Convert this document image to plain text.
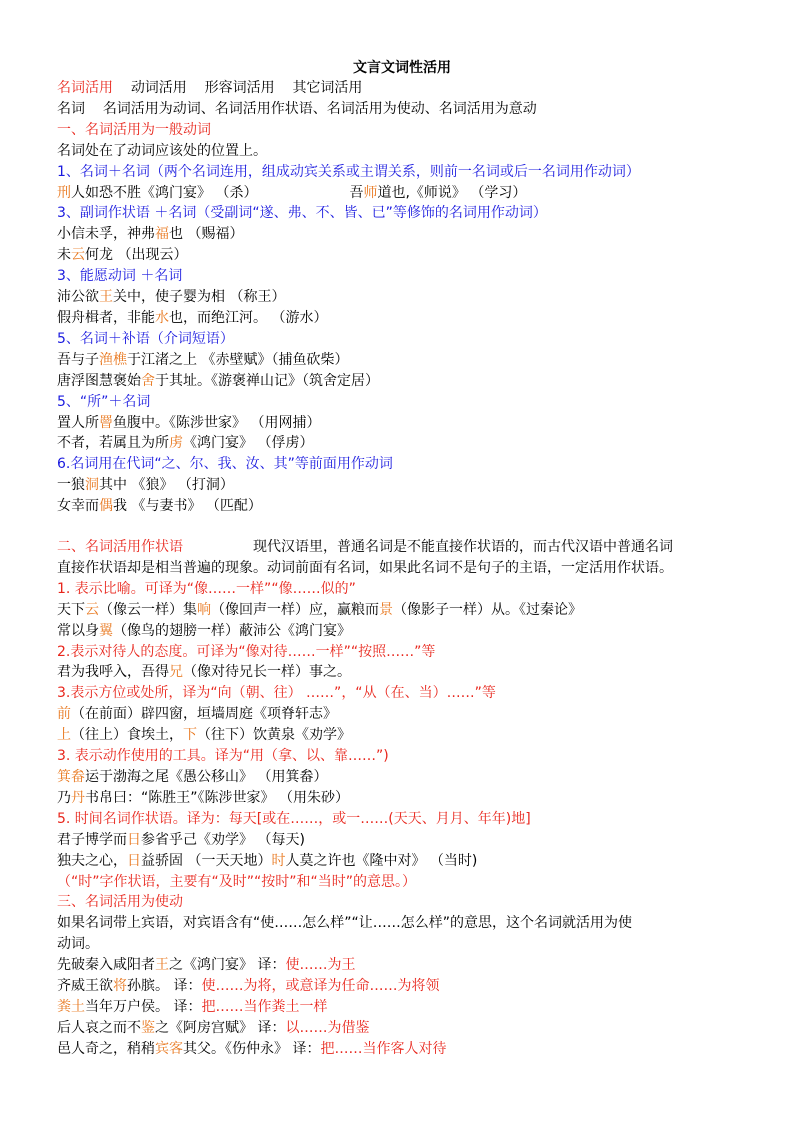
文言文词性活用
名词活用 动词活用 形容词活用 其它词活用
名词 名词活用为动词、名词活用作状语、名词活用为使动、名词活用为意动
一、名词活用为一般动词
名词处在了动词应该处的位置上。
1、名词＋名词（两个名词连用，组成动宾关系或主谓关系，则前一名词或后一名词用作动词）
刑人如恐不胜《鸿门宴》 （杀）	吾师道也,《师说》 （学习）
3、副词作状语 ＋名词（受副词“遂、弗、不、皆、已”等修饰的名词用作动词）
小信未孚，神弗福也 （赐福）
未云何龙 （出现云）
3、能愿动词 ＋名词
沛公欲王关中，使子婴为相 （称王）
假舟楫者，非能水也，而绝江河。 （游水）
5、名词＋补语（介词短语）
吾与子渔樵于江渚之上 《赤壁赋》（捕鱼砍柴）
唐浮图慧褒始舍于其址。《游褒禅山记》（筑舍定居）
5、“所”＋名词
置人所罾鱼腹中。《陈涉世家》 （用网捕）
不者，若属且为所虏《鸿门宴》 （俘虏）
6.名词用在代词“之、尔、我、汝、其”等前面用作动词
一狼洞其中 《狼》 （打洞）
女幸而偶我 《与妻书》 （匹配）
二、名词活用作状语	现代汉语里，普通名词是不能直接作状语的，而古代汉语中普通名词
直接作状语却是相当普遍的现象。动词前面有名词，如果此名词不是句子的主语，一定活用作状语。
1. 表示比喻。可译为“像……一样”“像……似的”
天下云（像云一样）集响（像回声一样）应，赢粮而景（像影子一样）从。《过秦论》
常以身翼（像鸟的翅膀一样）蔽沛公《鸿门宴》
2.表示对待人的态度。可译为“像对待……一样”“按照……”等
君为我呼入，吾得兄（像对待兄长一样）事之。
3.表示方位或处所，译为“向（朝、往） ……”，“从（在、当）……”等
前（在前面）辟四窗，垣墙周庭《项脊轩志》
上（往上）食埃土，下（往下）饮黄泉《劝学》
3. 表示动作使用的工具。译为“用（拿、以、靠……”)
箕畚运于渤海之尾《愚公移山》 （用箕畚）
乃丹书帛曰：“陈胜王”《陈涉世家》 （用朱砂）
5. 时间名词作状语。译为：每天[或在……，或一……(天天、月月、年年)地]
君子博学而日参省乎己《劝学》 （每天)
独夫之心，日益骄固 （一天天地）时人莫之许也《隆中对》 （当时)
（“时”字作状语，主要有“及时”“按时”和“当时”的意思。）
三、名词活用为使动
如果名词带上宾语，对宾语含有“使……怎么样”“让……怎么样”的意思，这个名词就活用为使
动词。
先破秦入咸阳者王之《鸿门宴》 译：使……为王
齐威王欲将孙膑。 译：使……为将，或意译为任命……为将领
粪土当年万户侯。 译：把……当作粪土一样
后人哀之而不鉴之《阿房宫赋》 译：以……为借鉴
邑人奇之，稍稍宾客其父。《伤仲永》 译：把……当作客人对待
